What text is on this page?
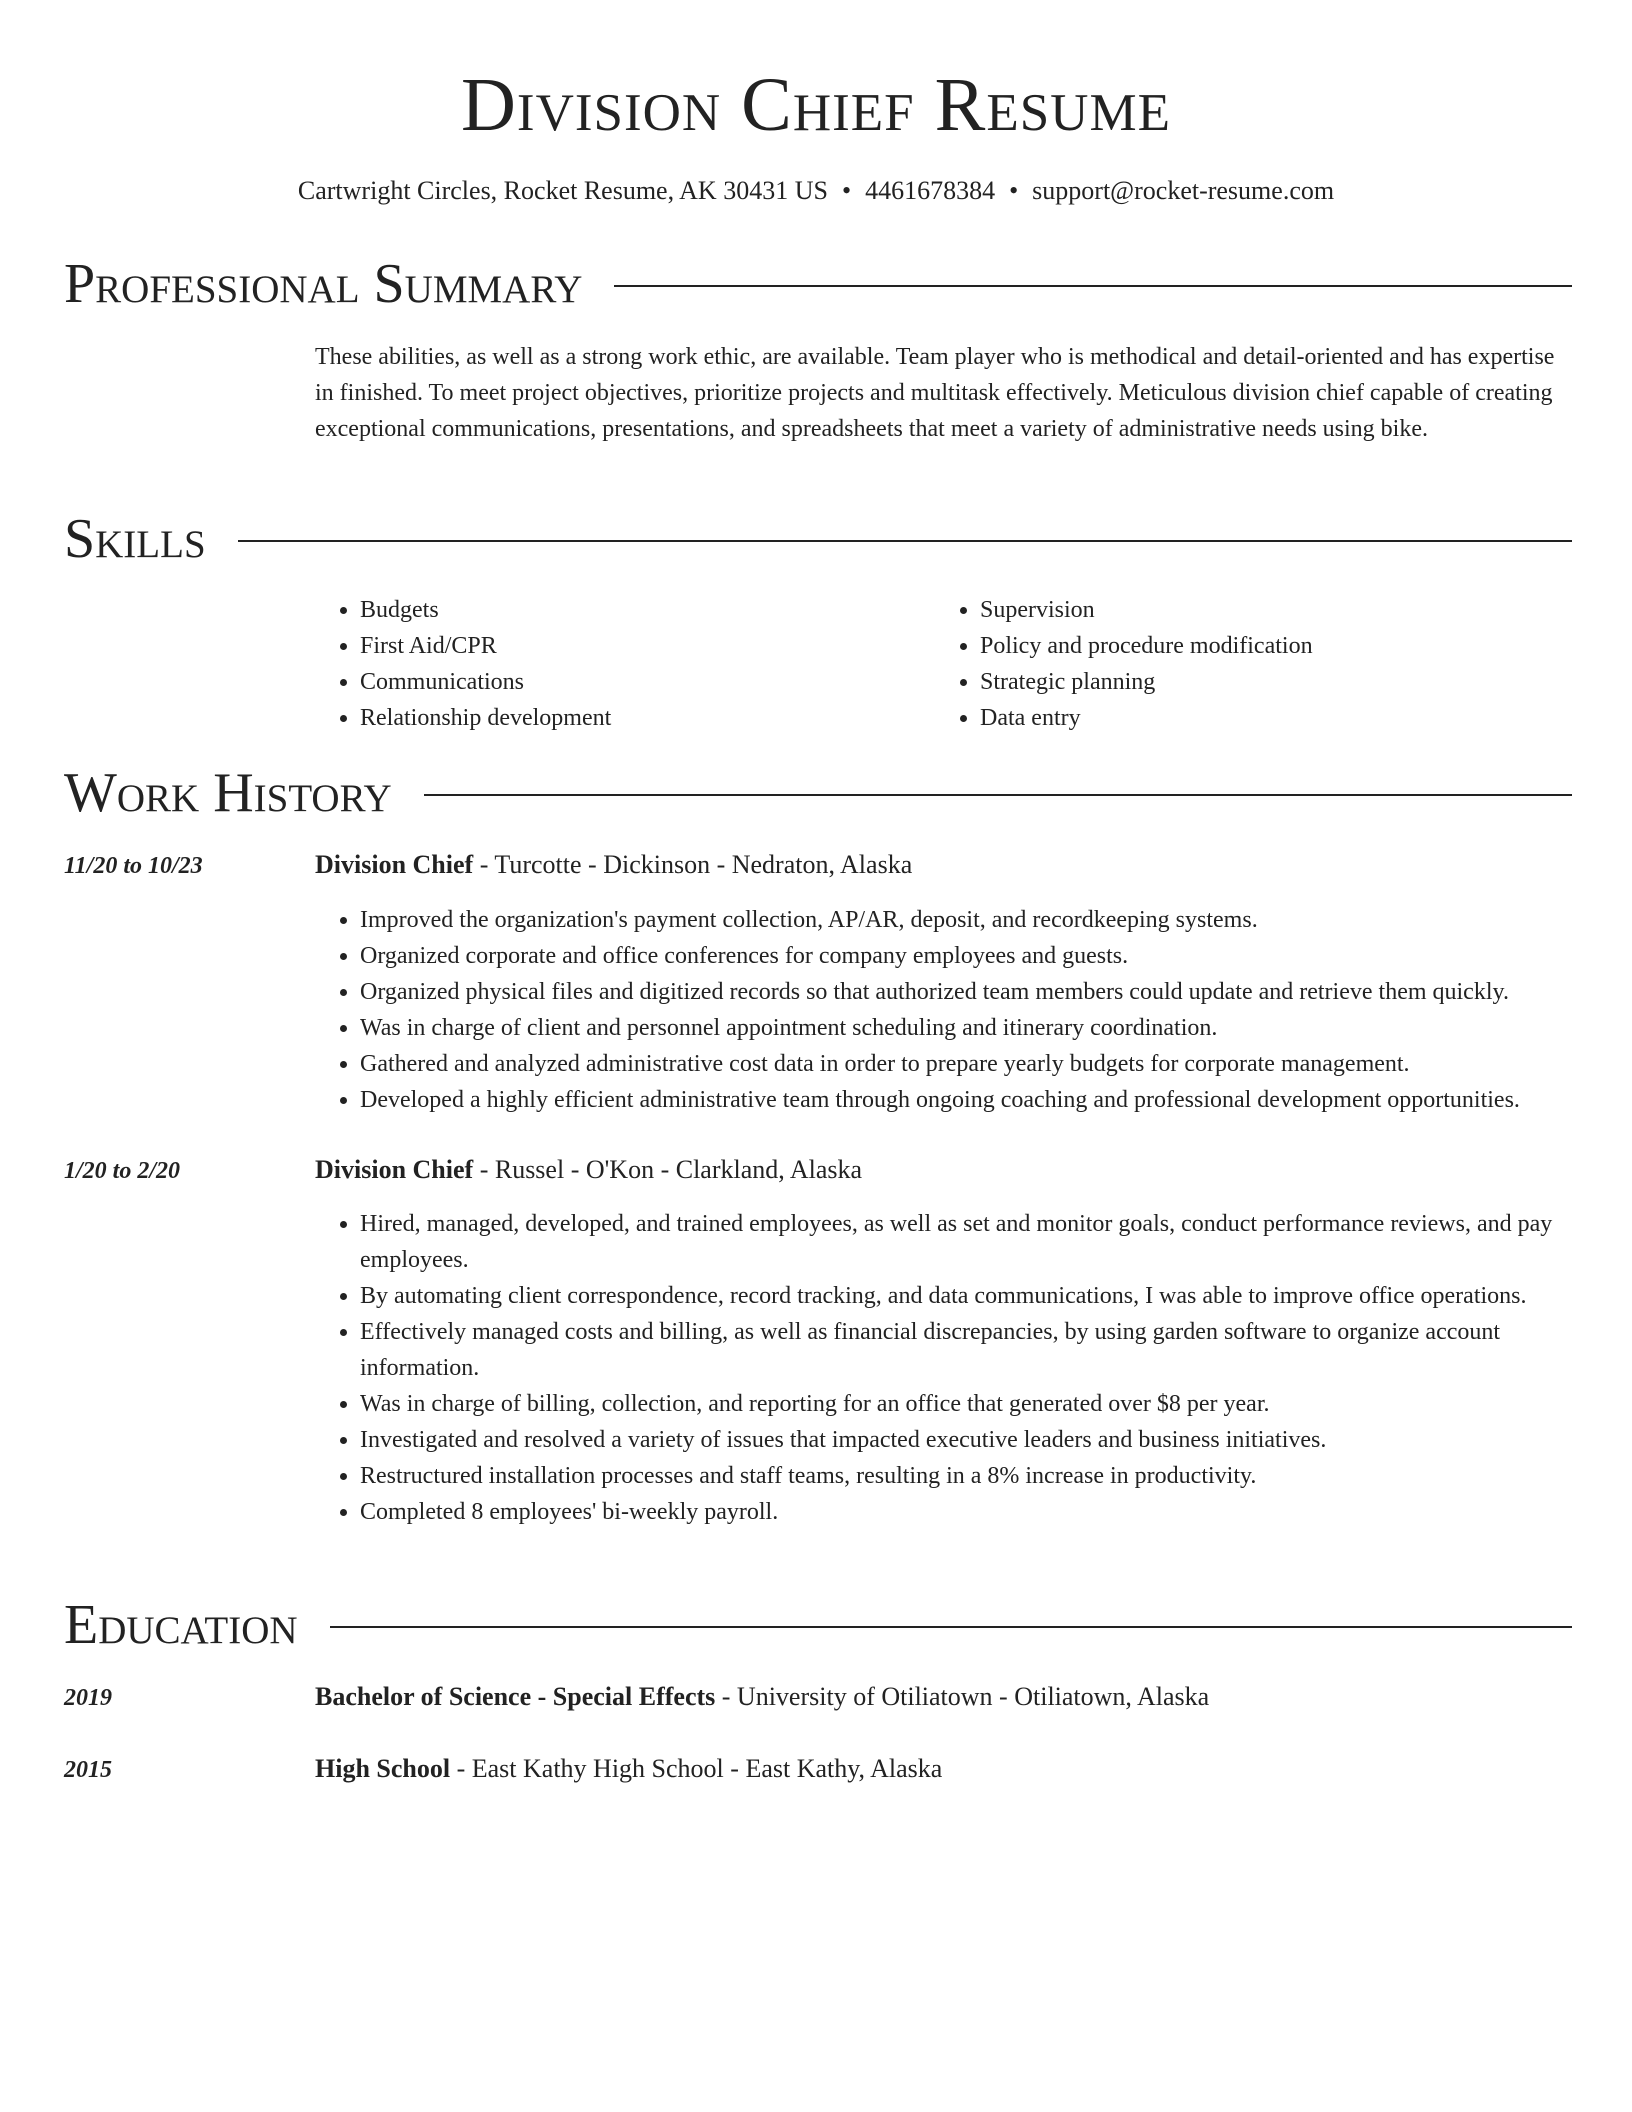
Division Chief Resume
Cartwright Circles, Rocket Resume, AK 30431 US • 4461678384 • support@rocket-resume.com
Professional Summary
These abilities, as well as a strong work ethic, are available. Team player who is methodical and detail-oriented and has expertise in finished. To meet project objectives, prioritize projects and multitask effectively. Meticulous division chief capable of creating exceptional communications, presentations, and spreadsheets that meet a variety of administrative needs using bike.
Skills
• Budgets
• First Aid/CPR
• Communications
• Relationship development
• Supervision
• Policy and procedure modification
• Strategic planning
• Data entry
Work History
11/20 to 10/23	Division Chief - Turcotte - Dickinson - Nedraton, Alaska
• Improved the organization's payment collection, AP/AR, deposit, and recordkeeping systems.
• Organized corporate and office conferences for company employees and guests.
• Organized physical files and digitized records so that authorized team members could update and retrieve them quickly.
• Was in charge of client and personnel appointment scheduling and itinerary coordination.
• Gathered and analyzed administrative cost data in order to prepare yearly budgets for corporate management.
• Developed a highly efficient administrative team through ongoing coaching and professional development opportunities.
1/20 to 2/20	Division Chief - Russel - O'Kon - Clarkland, Alaska
• Hired, managed, developed, and trained employees, as well as set and monitor goals, conduct performance reviews, and pay employees.
• By automating client correspondence, record tracking, and data communications, I was able to improve office operations.
• Effectively managed costs and billing, as well as financial discrepancies, by using garden software to organize account information.
• Was in charge of billing, collection, and reporting for an office that generated over $8 per year.
• Investigated and resolved a variety of issues that impacted executive leaders and business initiatives.
• Restructured installation processes and staff teams, resulting in a 8% increase in productivity.
• Completed 8 employees' bi-weekly payroll.
Education
2019	Bachelor of Science - Special Effects - University of Otiliatown - Otiliatown, Alaska
2015	High School - East Kathy High School - East Kathy, Alaska
